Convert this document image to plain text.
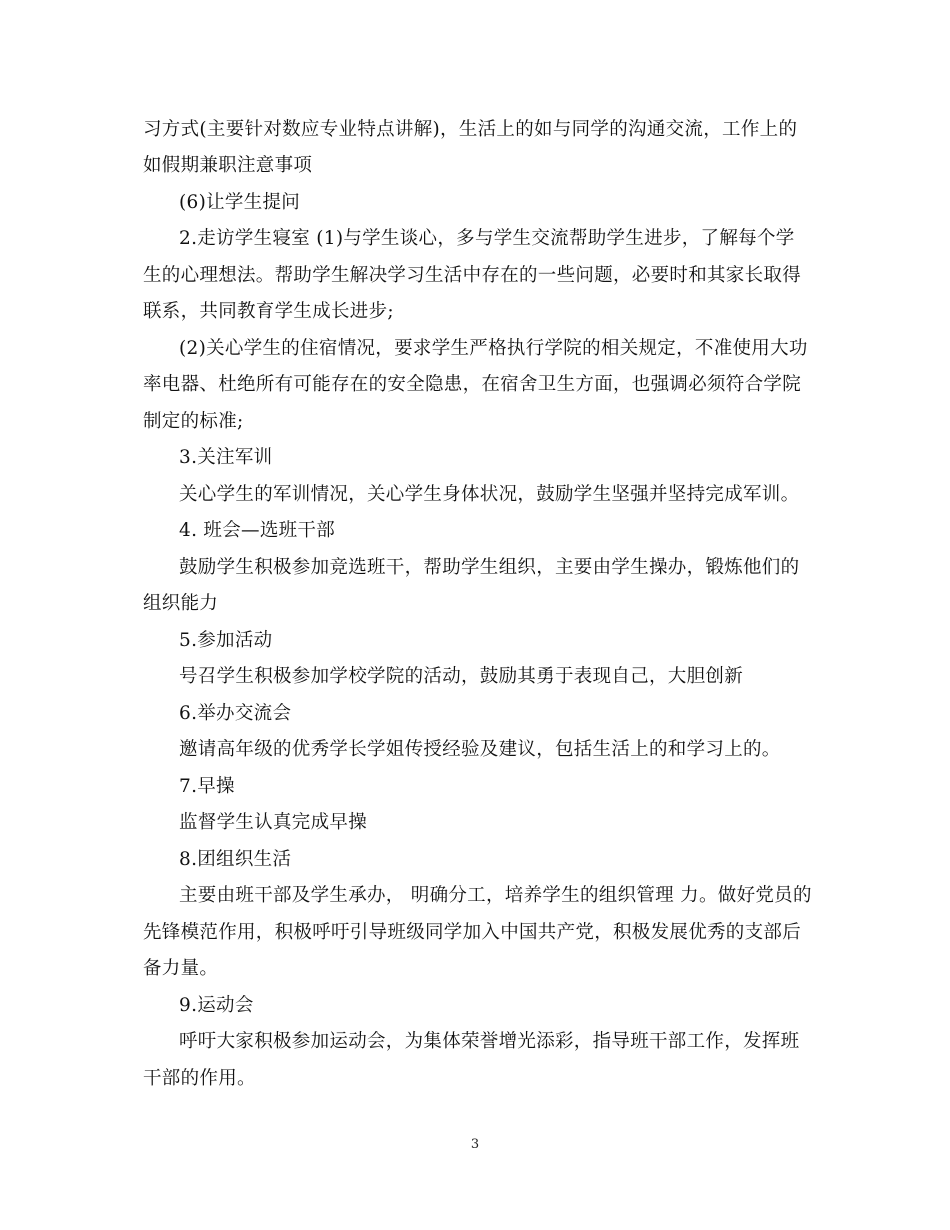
习方式(主要针对数应专业特点讲解)，生活上的如与同学的沟通交流，工作上的
如假期兼职注意事项
(6)让学生提问
2.走访学生寝室 (1)与学生谈心，多与学生交流帮助学生进步，了解每个学
生的心理想法。帮助学生解决学习生活中存在的一些问题，必要时和其家长取得
联系，共同教育学生成长进步;
(2)关心学生的住宿情况，要求学生严格执行学院的相关规定，不准使用大功
率电器、杜绝所有可能存在的安全隐患，在宿舍卫生方面，也强调必须符合学院
制定的标准;
3.关注军训
关心学生的军训情况，关心学生身体状况，鼓励学生坚强并坚持完成军训。
4. 班会—选班干部
鼓励学生积极参加竞选班干，帮助学生组织，主要由学生操办，锻炼他们的
组织能力
5.参加活动
号召学生积极参加学校学院的活动，鼓励其勇于表现自己，大胆创新
6.举办交流会
邀请高年级的优秀学长学姐传授经验及建议，包括生活上的和学习上的。
7.早操
监督学生认真完成早操
8.团组织生活
主要由班干部及学生承办， 明确分工，培养学生的组织管理 力。做好党员的
先锋模范作用，积极呼吁引导班级同学加入中国共产党，积极发展优秀的支部后
备力量。
9.运动会
呼吁大家积极参加运动会，为集体荣誉增光添彩，指导班干部工作，发挥班
干部的作用。
3
